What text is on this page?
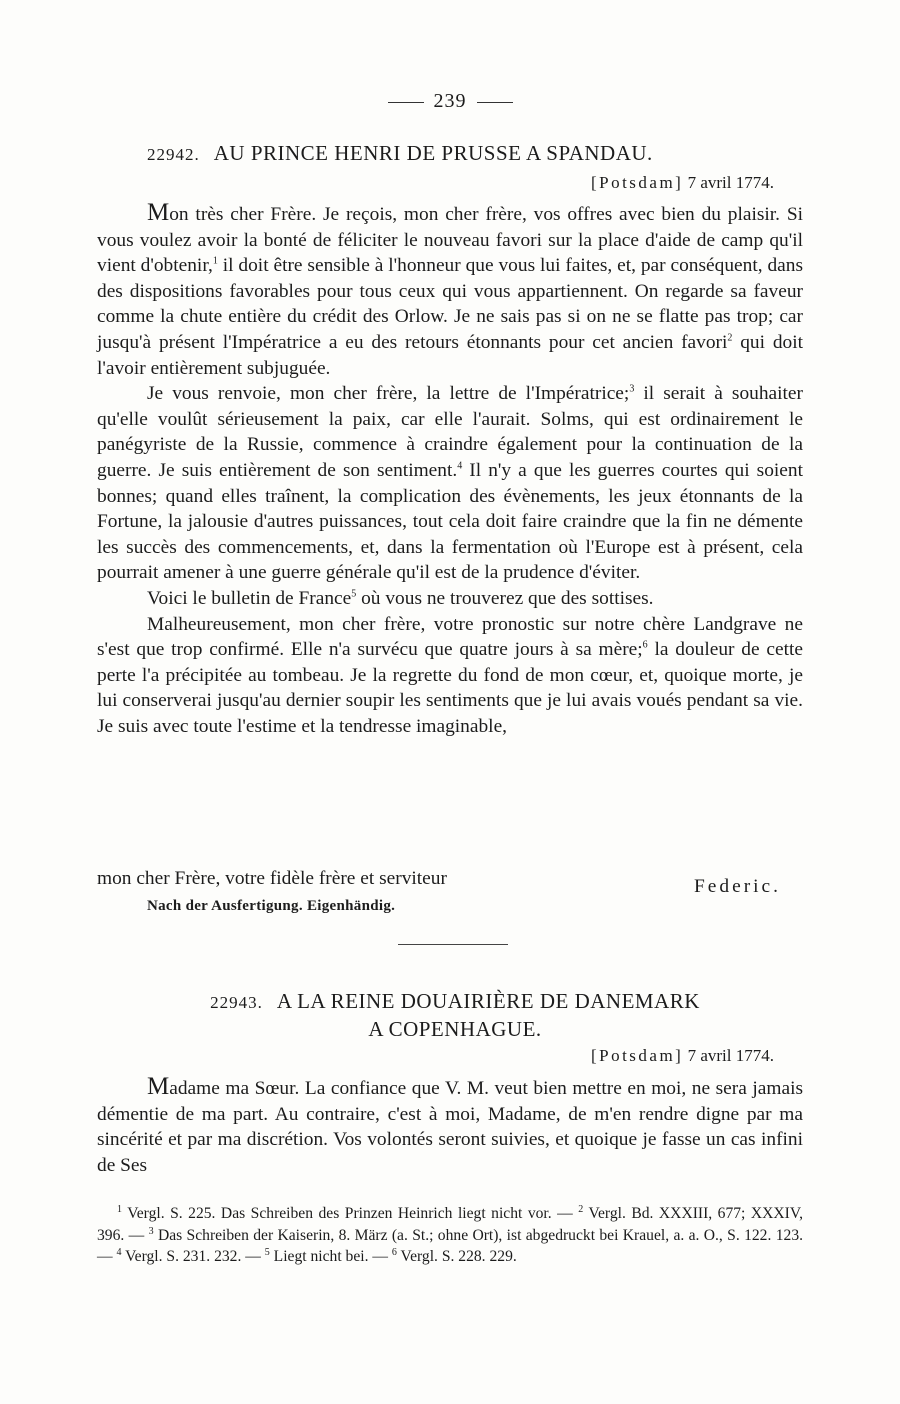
239
22942. AU PRINCE HENRI DE PRUSSE A SPANDAU.
[Potsdam] 7 avril 1774.

Mon très cher Frère. Je reçois, mon cher frère, vos offres avec bien du plaisir. Si vous voulez avoir la bonté de féliciter le nouveau favori sur la place d'aide de camp qu'il vient d'obtenir,$^1$ il doit être sensible à l'honneur que vous lui faites, et, par conséquent, dans des dispositions favorables pour tous ceux qui vous appartiennent. On regarde sa faveur comme la chute entière du crédit des Orlow. Je ne sais pas si on ne se flatte pas trop; car jusqu'à présent l'Impératrice a eu des retours étonnants pour cet ancien favori$^2$ qui doit l'avoir entièrement subjuguée.

Je vous renvoie, mon cher frère, la lettre de l'Impératrice;$^3$ il serait à souhaiter qu'elle voulût sérieusement la paix, car elle l'aurait. Solms, qui est ordinairement le panégyriste de la Russie, commence à craindre également pour la continuation de la guerre. Je suis entièrement de son sentiment.$^4$ Il n'y a que les guerres courtes qui soient bonnes; quand elles traînent, la complication des évènements, les jeux étonnants de la Fortune, la jalousie d'autres puissances, tout cela doit faire craindre que la fin ne démente les succès des commencements, et, dans la fermentation où l'Europe est à présent, cela pourrait amener à une guerre générale qu'il est de la prudence d'éviter.

Voici le bulletin de France$^5$ où vous ne trouverez que des sottises.

Malheureusement, mon cher frère, votre pronostic sur notre chère Landgrave ne s'est que trop confirmé. Elle n'a survécu que quatre jours à sa mère;$^6$ la douleur de cette perte l'a précipitée au tombeau. Je la regrette du fond de mon cœur, et, quoique morte, je lui conserverai jusqu'au dernier soupir les sentiments que je lui avais voués pendant sa vie. Je suis avec toute l'estime et la tendresse imaginable,

mon cher Frère, votre fidèle frère et serviteur	Federic.
Nach der Ausfertigung. Eigenhändig.
22943. A LA REINE DOUAIRIÈRE DE DANEMARK
A COPENHAGUE.
[Potsdam] 7 avril 1774.

Madame ma Sœur. La confiance que V. M. veut bien mettre en moi, ne sera jamais démentie de ma part. Au contraire, c'est à moi, Madame, de m'en rendre digne par ma sincérité et par ma discrétion. Vos volontés seront suivies, et quoique je fasse un cas infini de Ses

$^1$ Vergl. S. 225. Das Schreiben des Prinzen Heinrich liegt nicht vor. — $^2$ Vergl. Bd. XXXIII, 677; XXXIV, 396. — $^3$ Das Schreiben der Kaiserin, 8. März (a. St.; ohne Ort), ist abgedruckt bei Krauel, a. a. O., S. 122. 123. — $^4$ Vergl. S. 231. 232. — $^5$ Liegt nicht bei. — $^6$ Vergl. S. 228. 229.
